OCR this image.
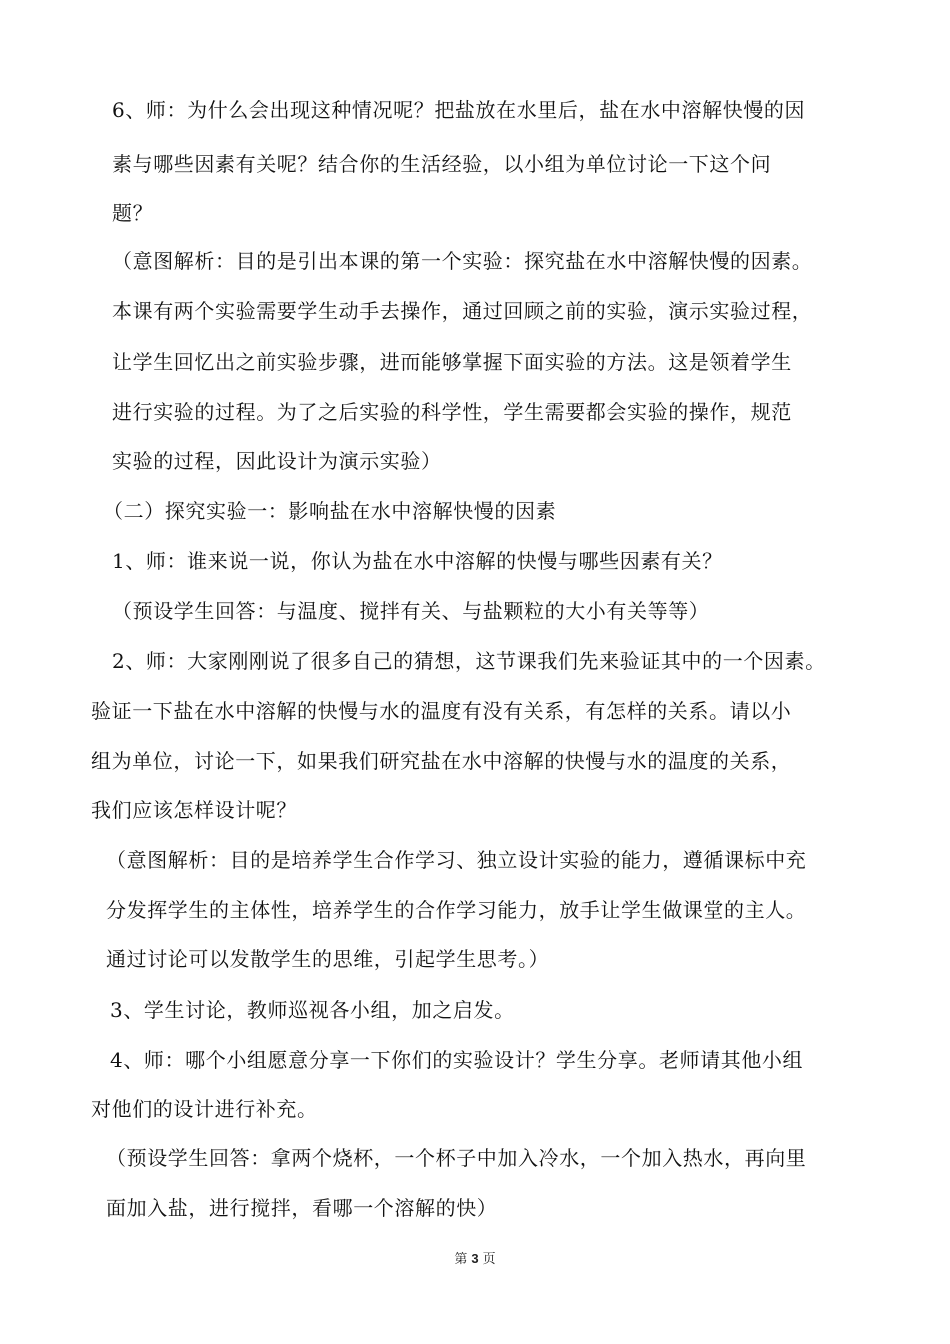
6、师：为什么会出现这种情况呢？把盐放在水里后，盐在水中溶解快慢的因
素与哪些因素有关呢？结合你的生活经验，以小组为单位讨论一下这个问
题？
（意图解析：目的是引出本课的第一个实验：探究盐在水中溶解快慢的因素。
本课有两个实验需要学生动手去操作，通过回顾之前的实验，演示实验过程，
让学生回忆出之前实验步骤，进而能够掌握下面实验的方法。这是领着学生
进行实验的过程。为了之后实验的科学性，学生需要都会实验的操作，规范
实验的过程，因此设计为演示实验）
（二）探究实验一：影响盐在水中溶解快慢的因素
1、师：谁来说一说，你认为盐在水中溶解的快慢与哪些因素有关？
（预设学生回答：与温度、搅拌有关、与盐颗粒的大小有关等等）
2、师：大家刚刚说了很多自己的猜想，这节课我们先来验证其中的一个因素。
验证一下盐在水中溶解的快慢与水的温度有没有关系，有怎样的关系。请以小
组为单位，讨论一下，如果我们研究盐在水中溶解的快慢与水的温度的关系，
我们应该怎样设计呢？
（意图解析：目的是培养学生合作学习、独立设计实验的能力，遵循课标中充
分发挥学生的主体性，培养学生的合作学习能力，放手让学生做课堂的主人。
通过讨论可以发散学生的思维，引起学生思考。）
3、学生讨论，教师巡视各小组，加之启发。
4、师：哪个小组愿意分享一下你们的实验设计？学生分享。老师请其他小组
对他们的设计进行补充。
（预设学生回答：拿两个烧杯，一个杯子中加入冷水，一个加入热水，再向里
面加入盐，进行搅拌，看哪一个溶解的快）
第 3 页
